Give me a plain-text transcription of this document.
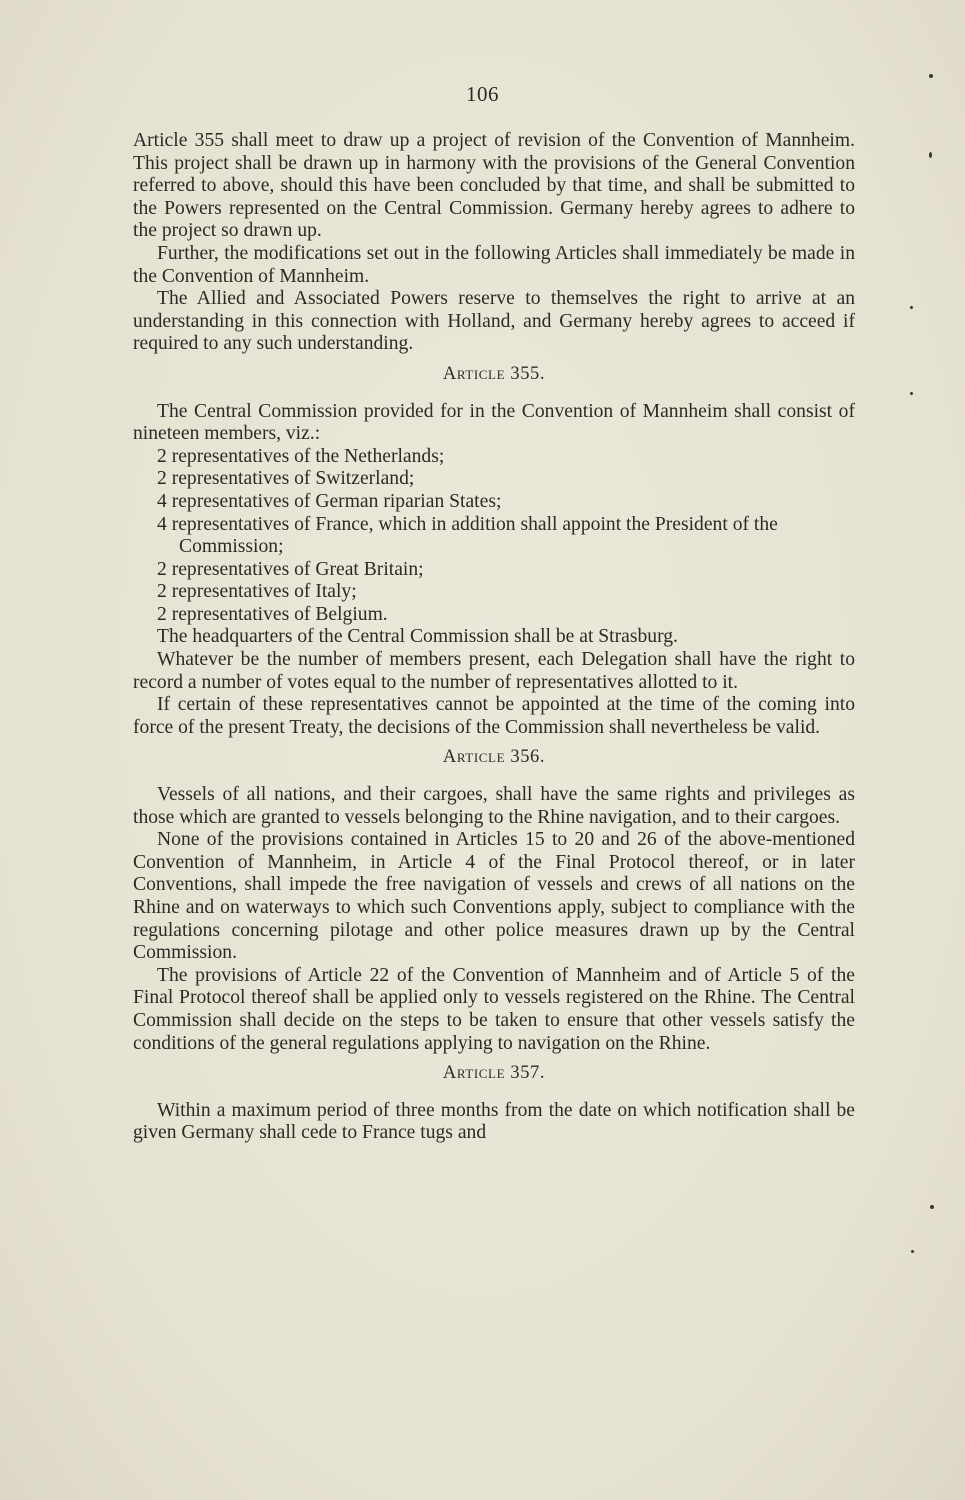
106

Article 355 shall meet to draw up a project of revision of the Convention of Mannheim. This project shall be drawn up in harmony with the provisions of the General Convention referred to above, should this have been concluded by that time, and shall be submitted to the Powers represented on the Central Commission. Germany hereby agrees to adhere to the project so drawn up.

Further, the modifications set out in the following Articles shall immediately be made in the Convention of Mannheim.

The Allied and Associated Powers reserve to themselves the right to arrive at an understanding in this connection with Holland, and Germany hereby agrees to acceed if required to any such understanding.

Article 355.

The Central Commission provided for in the Convention of Mannheim shall consist of nineteen members, viz.:

2 representatives of the Netherlands;
2 representatives of Switzerland;
4 representatives of German riparian States;
4 representatives of France, which in addition shall appoint the President of the Commission;
2 representatives of Great Britain;
2 representatives of Italy;
2 representatives of Belgium.

The headquarters of the Central Commission shall be at Strasburg.

Whatever be the number of members present, each Delegation shall have the right to record a number of votes equal to the number of representatives allotted to it.

If certain of these representatives cannot be appointed at the time of the coming into force of the present Treaty, the decisions of the Commission shall nevertheless be valid.

Article 356.

Vessels of all nations, and their cargoes, shall have the same rights and privileges as those which are granted to vessels belonging to the Rhine navigation, and to their cargoes.

None of the provisions contained in Articles 15 to 20 and 26 of the above-mentioned Convention of Mannheim, in Article 4 of the Final Protocol thereof, or in later Conventions, shall impede the free navigation of vessels and crews of all nations on the Rhine and on waterways to which such Conventions apply, subject to compliance with the regulations concerning pilotage and other police measures drawn up by the Central Commission.

The provisions of Article 22 of the Convention of Mannheim and of Article 5 of the Final Protocol thereof shall be applied only to vessels registered on the Rhine. The Central Commission shall decide on the steps to be taken to ensure that other vessels satisfy the conditions of the general regulations applying to navigation on the Rhine.

Article 357.

Within a maximum period of three months from the date on which notification shall be given Germany shall cede to France tugs and
